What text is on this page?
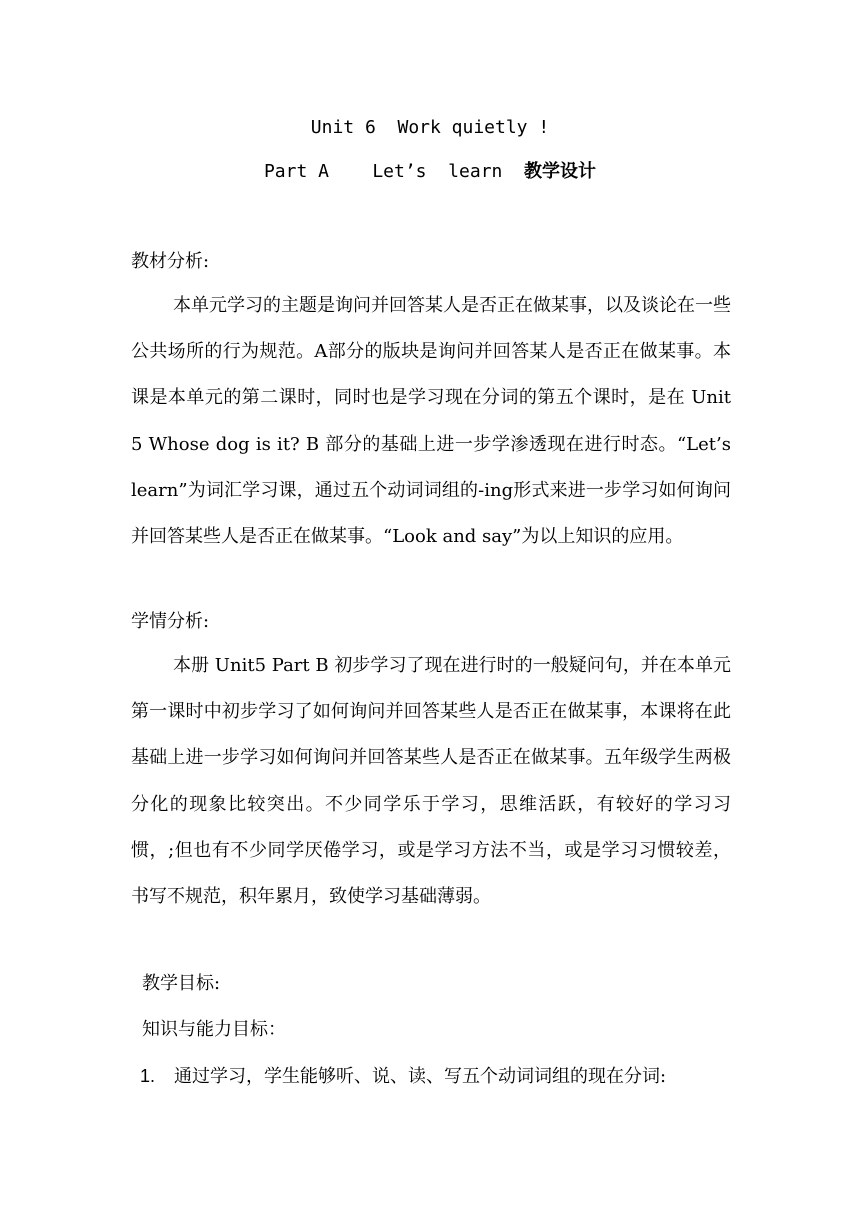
Unit 6  Work quietly !
Part A    Let’s  learn  教学设计
教材分析:

本单元学习的主题是询问并回答某人是否正在做某事，以及谈论在一些公共场所的行为规范。A部分的版块是询问并回答某人是否正在做某事。本课是本单元的第二课时，同时也是学习现在分词的第五个课时，是在 Unit 5 Whose dog is it? B 部分的基础上进一步学渗透现在进行时态。“Let’s learn”为词汇学习课，通过五个动词词组的-ing形式来进一步学习如何询问并回答某些人是否正在做某事。“Look and say”为以上知识的应用。

学情分析:

本册 Unit5 Part B 初步学习了现在进行时的一般疑问句，并在本单元第一课时中初步学习了如何询问并回答某些人是否正在做某事，本课将在此基础上进一步学习如何询问并回答某些人是否正在做某事。五年级学生两极分化的现象比较突出。不少同学乐于学习，思维活跃，有较好的学习习惯，;但也有不少同学厌倦学习，或是学习方法不当，或是学习习惯较差，书写不规范，积年累月，致使学习基础薄弱。

教学目标:
知识与能力目标：
1. 通过学习，学生能够听、说、读、写五个动词词组的现在分词:
